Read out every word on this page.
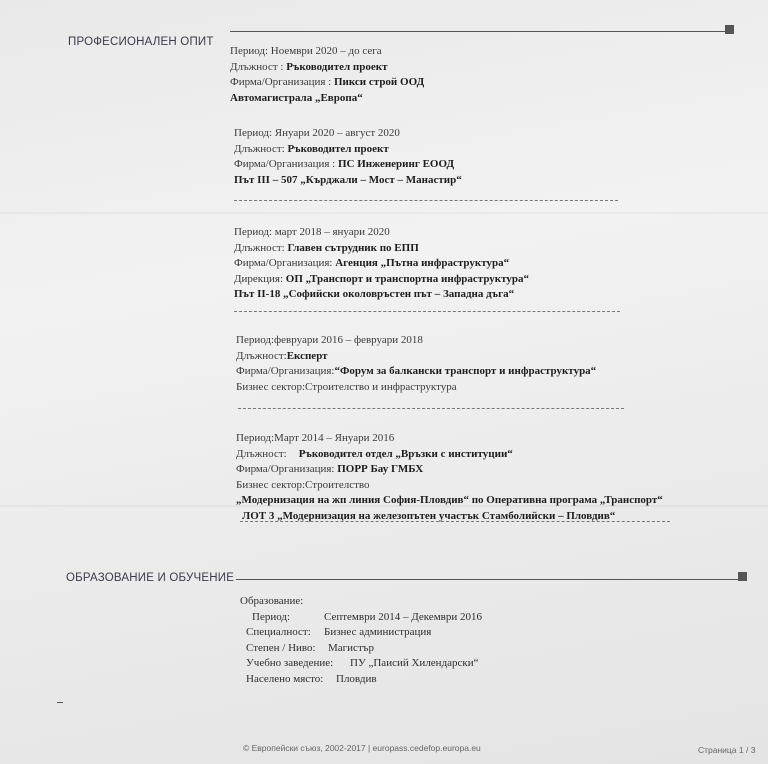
ПРОФЕСИОНАЛЕН ОПИТ
Период: Ноември 2020 – до сега
Длъжност : Ръководител проект
Фирма/Организация : Пикси строй ООД
Автомагистрала „Европа“
Период: Януари 2020 – август 2020
Длъжност: Ръководител проект
Фирма/Организация : ПС Инженеринг ЕООД
Път III – 507 „Кърджали – Мост – Манастир“
Период: март 2018 – януари 2020
Длъжност: Главен сътрудник по ЕПП
Фирма/Организация: Агенция „Пътна инфраструктура“
Дирекция: ОП „Транспорт и транспортна инфраструктура“
Път II-18 „Софийски околовръстен път – Западна дъга“
Период:февруари 2016 – февруари 2018
Длъжност:Експерт
Фирма/Организация:“Форум за балкански транспорт и инфраструктура“
Бизнес сектор:Строителство и инфраструктура
Период:Март 2014 – Януари 2016
Длъжност: Ръководител отдел „Връзки с институции“
Фирма/Организация: ПОРР Бау ГМБХ
Бизнес сектор:Строителство
„Модернизация на жп линия София-Пловдив“ по Оперативна програма „Транспорт“
ЛОТ 3 „Модернизация на железопътен участък Стамболийски – Пловдив“
ОБРАЗОВАНИЕ И ОБУЧЕНИЕ
Образование:
Период:	Септември 2014 – Декември 2016
Специалност: Бизнес администрация
Степен / Ниво: Магистър
Учебно заведение: ПУ „Паисий Хилендарски“
Населено място: Пловдив
© Европейски съюз, 2002-2017 | europass.cedefop.europa.eu	Страница 1 / 3
